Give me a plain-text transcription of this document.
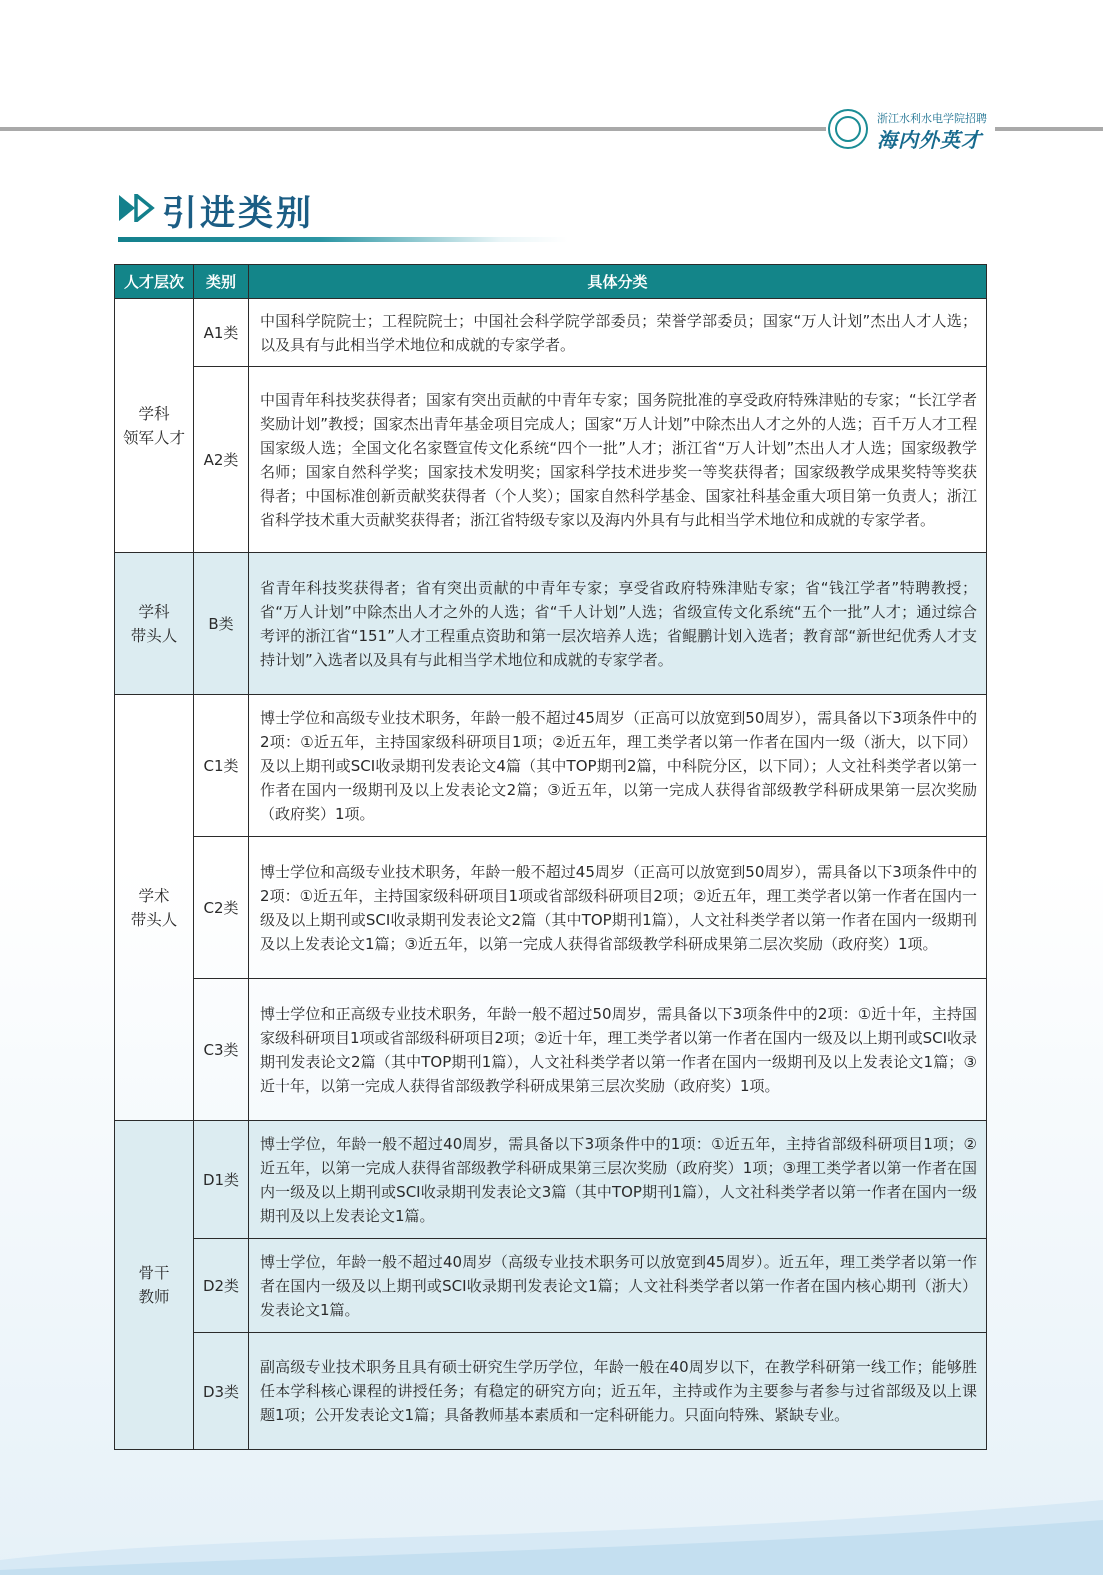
浙江水利水电学院招聘
海内外英才
引进类别
人才层次	类别	具体分类
学科
领军人才	A1类	中国科学院院士；工程院院士；中国社会科学院学部委员；荣誉学部委员；国家“万人计划”杰出人才人选；以及具有与此相当学术地位和成就的专家学者。
	A2类	中国青年科技奖获得者；国家有突出贡献的中青年专家；国务院批准的享受政府特殊津贴的专家；“长江学者奖励计划”教授；国家杰出青年基金项目完成人；国家“万人计划”中除杰出人才之外的人选；百千万人才工程国家级人选；全国文化名家暨宣传文化系统“四个一批”人才；浙江省“万人计划”杰出人才人选；国家级教学名师；国家自然科学奖；国家技术发明奖；国家科学技术进步奖一等奖获得者；国家级教学成果奖特等奖获得者；中国标准创新贡献奖获得者（个人奖）；国家自然科学基金、国家社科基金重大项目第一负责人；浙江省科学技术重大贡献奖获得者；浙江省特级专家以及海内外具有与此相当学术地位和成就的专家学者。
学科
带头人	B类	省青年科技奖获得者；省有突出贡献的中青年专家；享受省政府特殊津贴专家；省“钱江学者”特聘教授；省“万人计划”中除杰出人才之外的人选；省“千人计划”人选；省级宣传文化系统“五个一批”人才；通过综合考评的浙江省“151”人才工程重点资助和第一层次培养人选；省鲲鹏计划入选者；教育部“新世纪优秀人才支持计划”入选者以及具有与此相当学术地位和成就的专家学者。
学术
带头人	C1类	博士学位和高级专业技术职务，年龄一般不超过45周岁（正高可以放宽到50周岁），需具备以下3项条件中的2项：①近五年，主持国家级科研项目1项；②近五年，理工类学者以第一作者在国内一级（浙大，以下同）及以上期刊或SCI收录期刊发表论文4篇（其中TOP期刊2篇，中科院分区，以下同）；人文社科类学者以第一作者在国内一级期刊及以上发表论文2篇；③近五年，以第一完成人获得省部级教学科研成果第一层次奖励（政府奖）1项。
	C2类	博士学位和高级专业技术职务，年龄一般不超过45周岁（正高可以放宽到50周岁），需具备以下3项条件中的2项：①近五年，主持国家级科研项目1项或省部级科研项目2项；②近五年，理工类学者以第一作者在国内一级及以上期刊或SCI收录期刊发表论文2篇（其中TOP期刊1篇），人文社科类学者以第一作者在国内一级期刊及以上发表论文1篇；③近五年，以第一完成人获得省部级教学科研成果第二层次奖励（政府奖）1项。
	C3类	博士学位和正高级专业技术职务，年龄一般不超过50周岁，需具备以下3项条件中的2项：①近十年，主持国家级科研项目1项或省部级科研项目2项；②近十年，理工类学者以第一作者在国内一级及以上期刊或SCI收录期刊发表论文2篇（其中TOP期刊1篇），人文社科类学者以第一作者在国内一级期刊及以上发表论文1篇；③近十年，以第一完成人获得省部级教学科研成果第三层次奖励（政府奖）1项。
骨干
教师	D1类	博士学位，年龄一般不超过40周岁，需具备以下3项条件中的1项：①近五年，主持省部级科研项目1项；②近五年，以第一完成人获得省部级教学科研成果第三层次奖励（政府奖）1项；③理工类学者以第一作者在国内一级及以上期刊或SCI收录期刊发表论文3篇（其中TOP期刊1篇），人文社科类学者以第一作者在国内一级期刊及以上发表论文1篇。
	D2类	博士学位，年龄一般不超过40周岁（高级专业技术职务可以放宽到45周岁）。近五年，理工类学者以第一作者在国内一级及以上期刊或SCI收录期刊发表论文1篇；人文社科类学者以第一作者在国内核心期刊（浙大）发表论文1篇。
	D3类	副高级专业技术职务且具有硕士研究生学历学位，年龄一般在40周岁以下，在教学科研第一线工作；能够胜任本学科核心课程的讲授任务；有稳定的研究方向；近五年，主持或作为主要参与者参与过省部级及以上课题1项；公开发表论文1篇；具备教师基本素质和一定科研能力。只面向特殊、紧缺专业。
